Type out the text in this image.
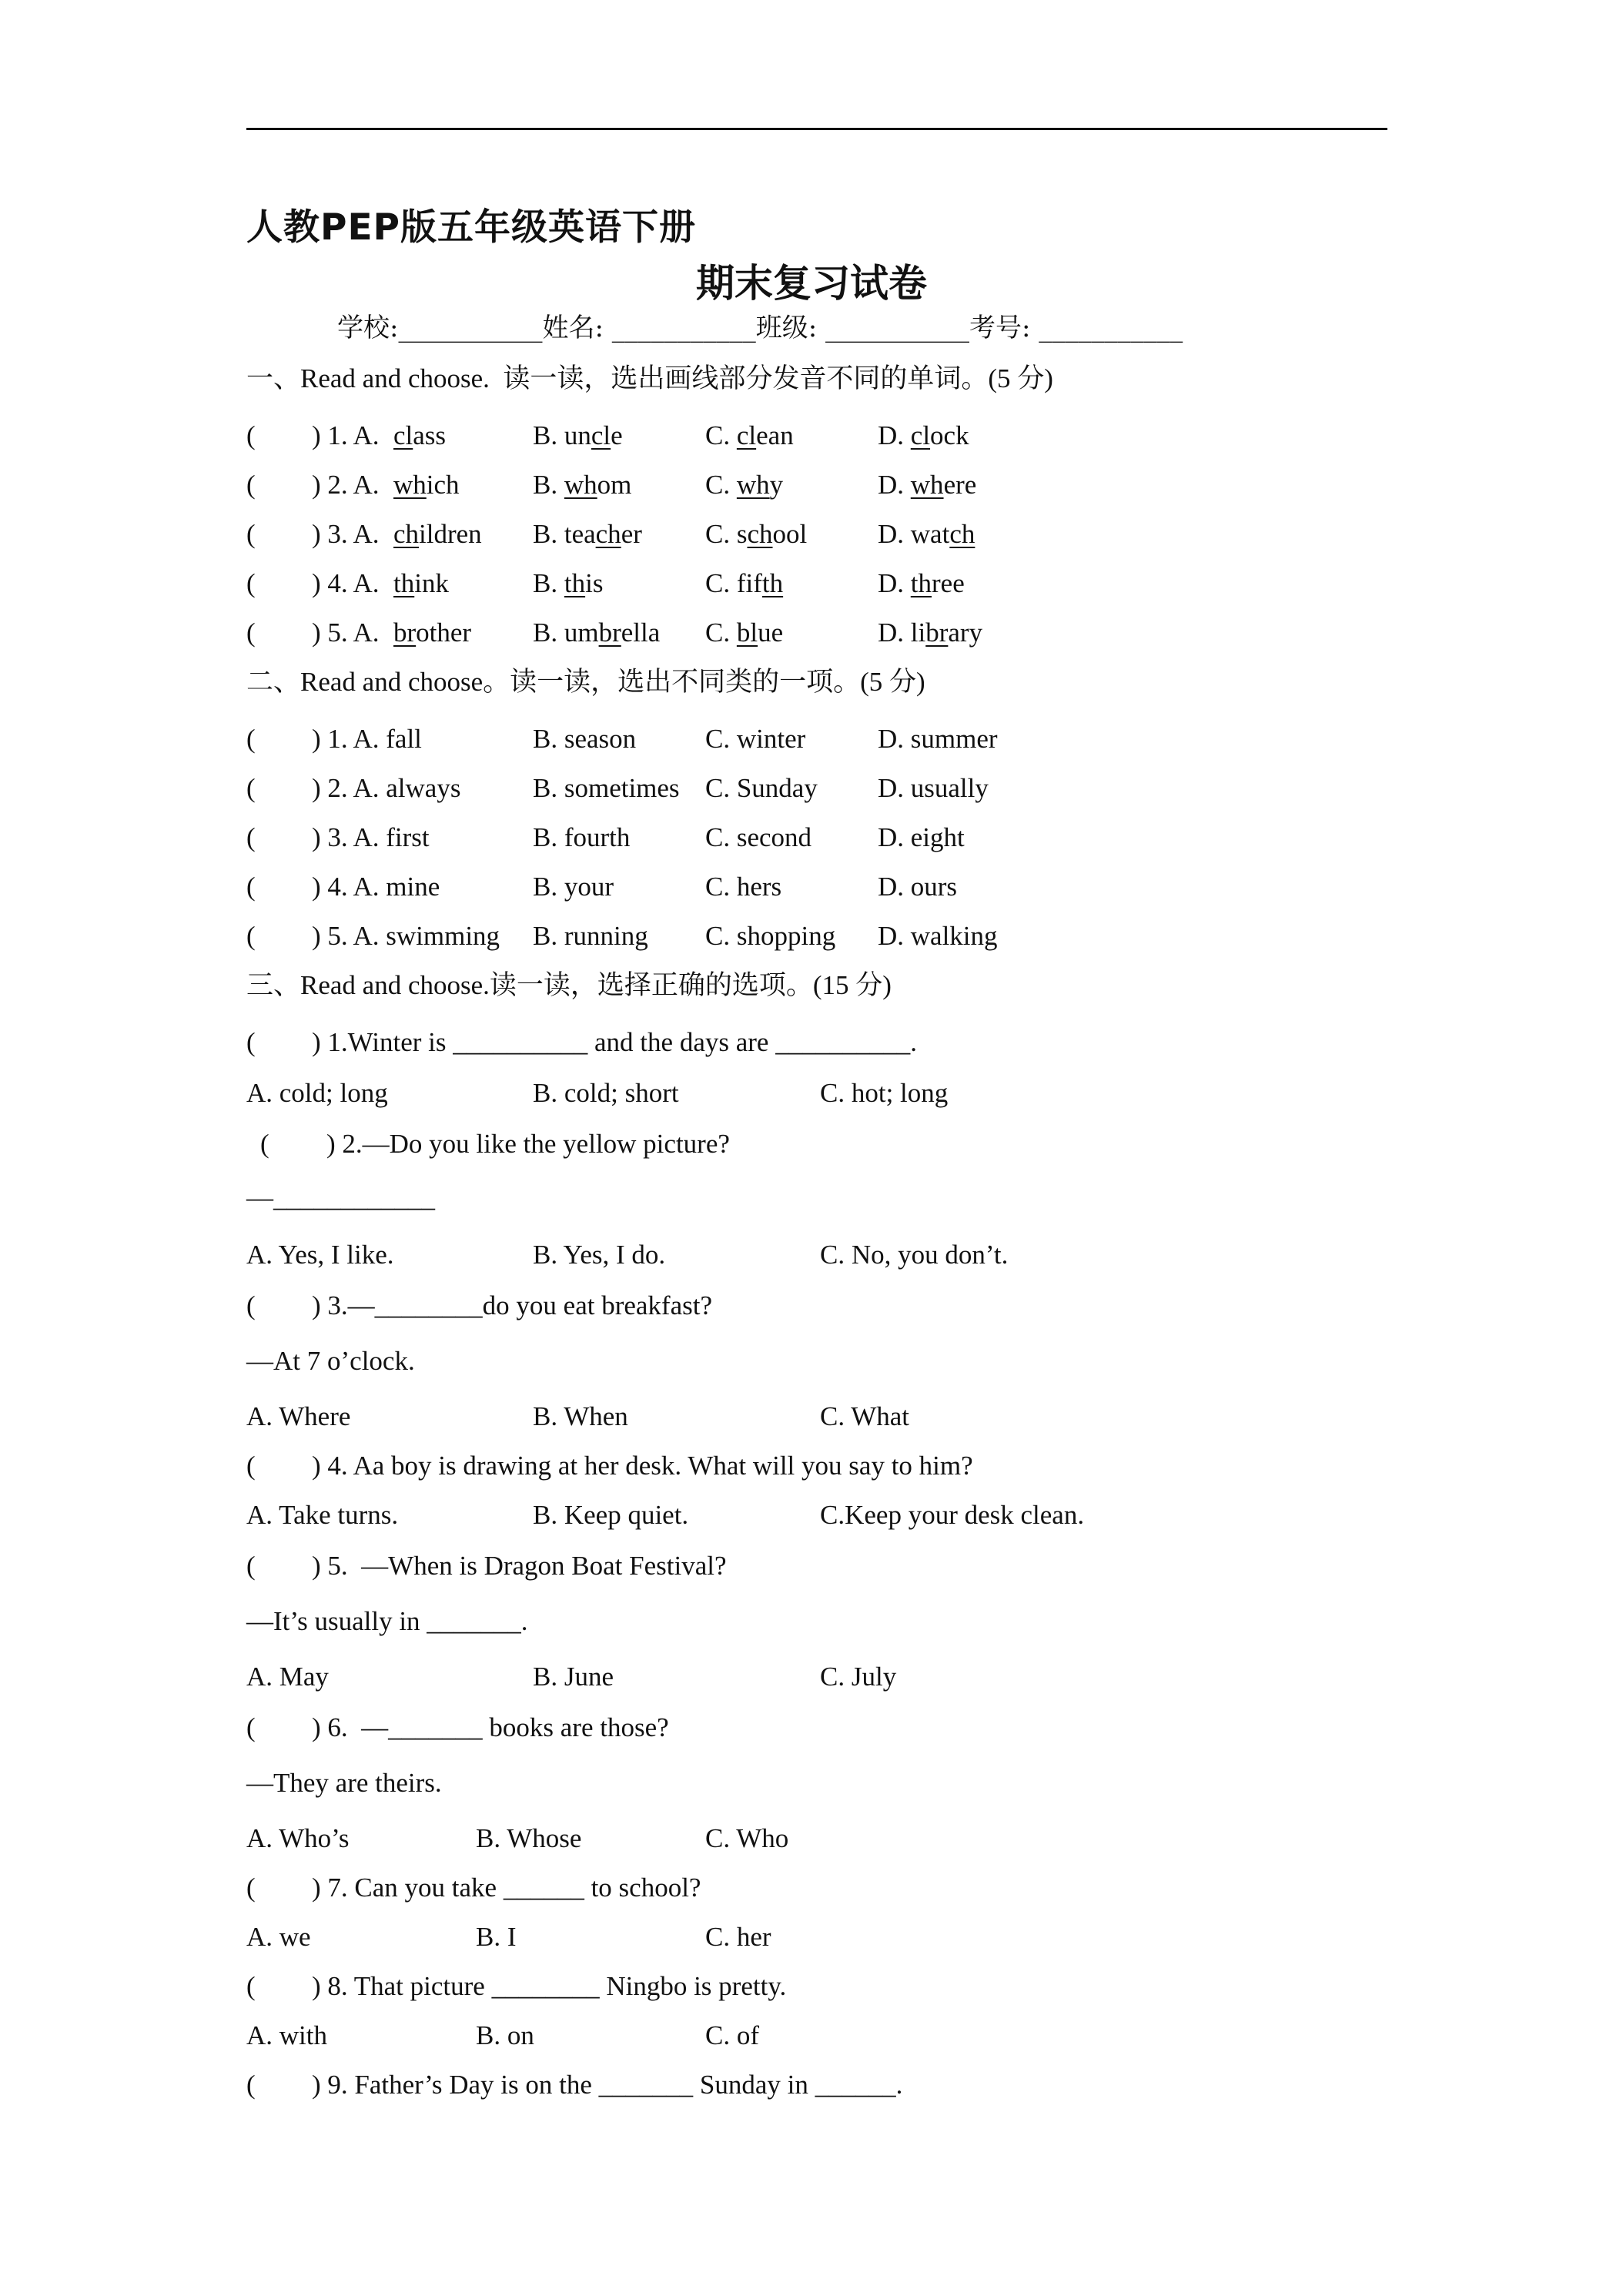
人教PEP版五年级英语下册
期末复习试卷
学校:___________姓名: ___________班级: ___________考号: ___________
一、Read and choose.  读一读，选出画线部分发音不同的单词。(5 分)
( ) 1. A. class	B. uncle	C. clean	D. clock
( ) 2. A. which	B. whom	C. why	D. where
( ) 3. A. children B. teacher C. school	D. watch
( ) 4. A. think	B. this	C. fifth	D. three
( ) 5. A. brother B. umbrella C. blue	D. library
二、Read and choose。读一读，选出不同类的一项。(5 分)
( ) 1. A. fall	B. season	C. winter	D. summer
( ) 2. A. always	B. sometimes C. Sunday D. usually
( ) 3. A. first	B. fourth	C. second D. eight
( ) 4. A. mine	B. your	C. hers	D. ours
( ) 5. A. swimming B. running C. shopping D. walking
三、Read and choose.读一读，选择正确的选项。(15 分)
( ) 1.Winter is __________ and the days are __________.
A. cold; long	B. cold; short	C. hot; long
( ) 2.—Do you like the yellow picture?
—____________
A. Yes, I like.	B. Yes, I do.	C. No, you don’t.
( ) 3.—________do you eat breakfast?
—At 7 o’clock.
A. Where	B. When	C. What
( ) 4. Aa boy is drawing at her desk. What will you say to him?
A. Take turns.	B. Keep quiet.	C.Keep your desk clean.
( ) 5.  —When is Dragon Boat Festival?
—It’s usually in _______.
A. May	B. June	C. July
( ) 6.  —_______ books are those?
—They are theirs.
A. Who’s	B. Whose	C. Who
( ) 7. Can you take ______ to school?
A. we	B. I	C. her
( ) 8. That picture ________ Ningbo is pretty.
A. with	B. on	C. of
( ) 9. Father’s Day is on the _______ Sunday in ______.
